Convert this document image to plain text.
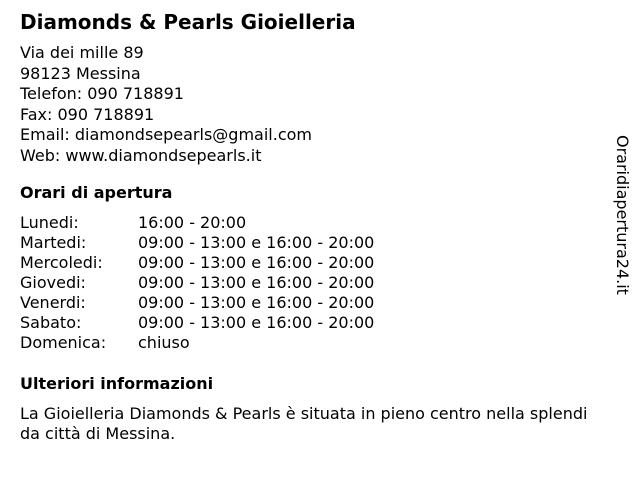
Diamonds & Pearls Gioielleria
Via dei mille 89
98123 Messina
Telefon: 090 718891
Fax: 090 718891
Email: diamondsepearls@gmail.com
Web: www.diamondsepearls.it
Orari di apertura
Lunedi:	16:00 - 20:00
Martedi:	09:00 - 13:00 e 16:00 - 20:00
Mercoledi: 09:00 - 13:00 e 16:00 - 20:00
Giovedi:	09:00 - 13:00 e 16:00 - 20:00
Venerdi:	09:00 - 13:00 e 16:00 - 20:00
Sabato:	09:00 - 13:00 e 16:00 - 20:00
Domenica: chiuso
Ulteriori informazioni
La Gioielleria Diamonds & Pearls è situata in pieno centro nella splendida città di Messina.
Oraridiapertura24.it
